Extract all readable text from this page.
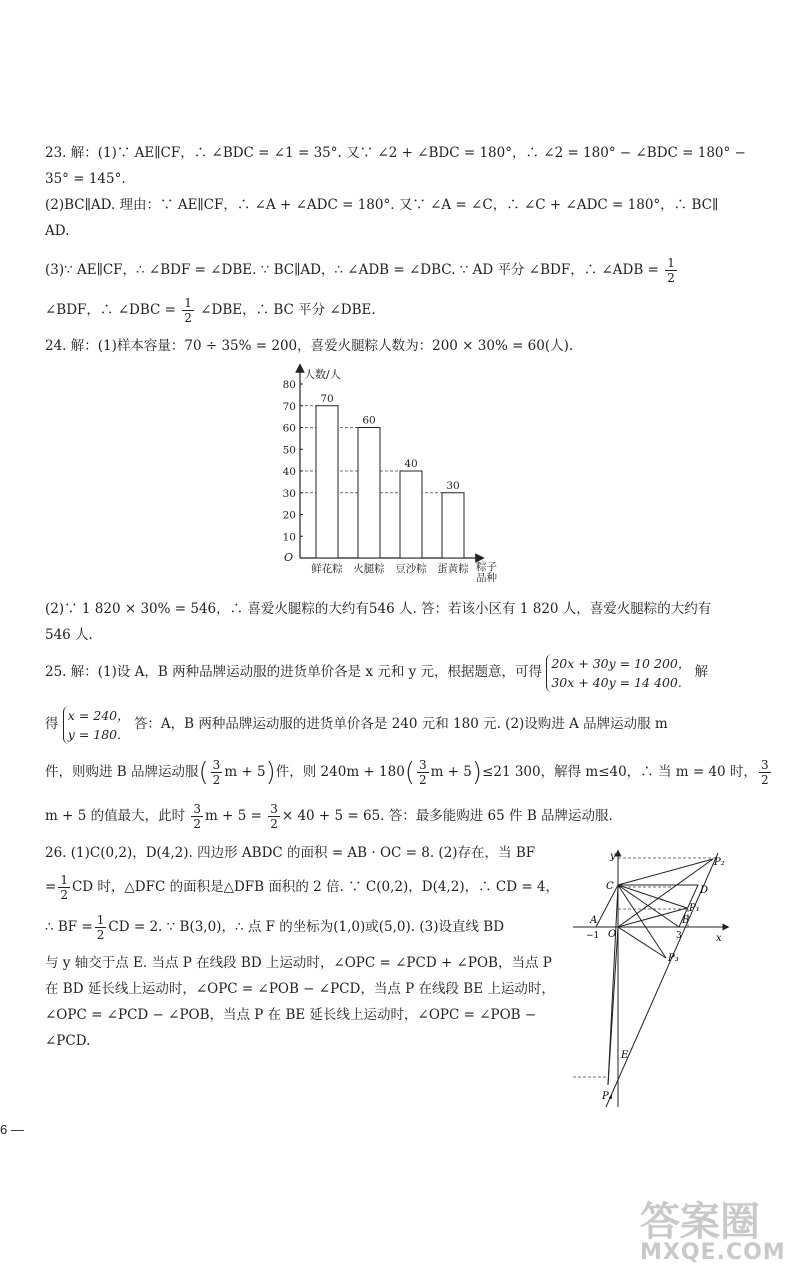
23. 解：(1)∵ AE∥CF，∴ ∠BDC = ∠1 = 35°. 又∵ ∠2 + ∠BDC = 180°，∴ ∠2 = 180° − ∠BDC = 180° −
35° = 145°.
(2)BC∥AD. 理由：∵ AE∥CF，∴ ∠A + ∠ADC = 180°. 又∵ ∠A = ∠C，∴ ∠C + ∠ADC = 180°，∴ BC∥
AD.
(3)∵ AE∥CF，∴ ∠BDF = ∠DBE. ∵ BC∥AD，∴ ∠ADB = ∠DBC. ∵ AD 平分 ∠BDF，∴ ∠ADB = $\frac{1}{2}$
∠BDF，∴ ∠DBC = $\frac{1}{2}$ ∠DBE，∴ BC 平分 ∠DBE.
24. 解：(1)样本容量：70 ÷ 35% = 200，喜爱火腿粽人数为：200 × 30% = 60(人).
10
20
30
40
50
60
70
80
70
60
40
30
鲜花粽 火腿粽 豆沙粽 蛋黄粽
人数/人
O
粽子
品种
(2)∵ 1 820 × 30% = 546，∴ 喜爱火腿粽的大约有546 人. 答：若该小区有 1 820 人，喜爱火腿粽的大约有
546 人.
25. 解：(1)设 A，B 两种品牌运动服的进货单价各是 x 元和 y 元，根据题意，可得
20x + 30y = 10 200，
30x + 40y = 14 400.
解
得
x = 240，
y = 180.
答：A，B 两种品牌运动服的进货单价各是 240 元和 180 元. (2)设购进 A 品牌运动服 m
件，则购进 B 品牌运动服( $\frac{3}{2}$ m + 5)件，则 $240m + 180( \frac{3}{2}$ m + 5)≤21 300，解得 m≤40，∴ 当 m = 40 时， $\frac{3}{2}$
m + 5 的值最大，此时 $\frac{3}{2}$ $m + 5 = \frac{3}{2} \times 40 + 5 = 65$. 答：最多能购进 65 件 B 品牌运动服.
26. (1)C(0,2)，D(4,2). 四边形 ABDC 的面积 = AB · OC = 8. (2)存在，当 BF
= $\frac{1}{2}$ CD 时，△DFC 的面积是△DFB 面积的 2 倍. ∵ C(0,2)，D(4,2)，∴ CD = 4，
∴ BF = $\frac{1}{2}$ CD = 2. ∵ B(3,0)，∴ 点 F 的坐标为(1,0)或(5,0). (3)设直线 BD
与 y 轴交于点 E. 当点 P 在线段 BD 上运动时，∠OPC = ∠PCD + ∠POB，当点 P
在 BD 延长线上运动时，∠OPC = ∠POB − ∠PCD，当点 P 在线段 BE 上运动时，
∠OPC = ∠PCD − ∠POB，当点 P 在 BE 延长线上运动时，∠OPC = ∠POB −
∠PCD.
y
x
C	D
P₂
P₁
B
A
O
−1	3
P₃
E
P₄
6 —
答案圈
MXQE.COM
